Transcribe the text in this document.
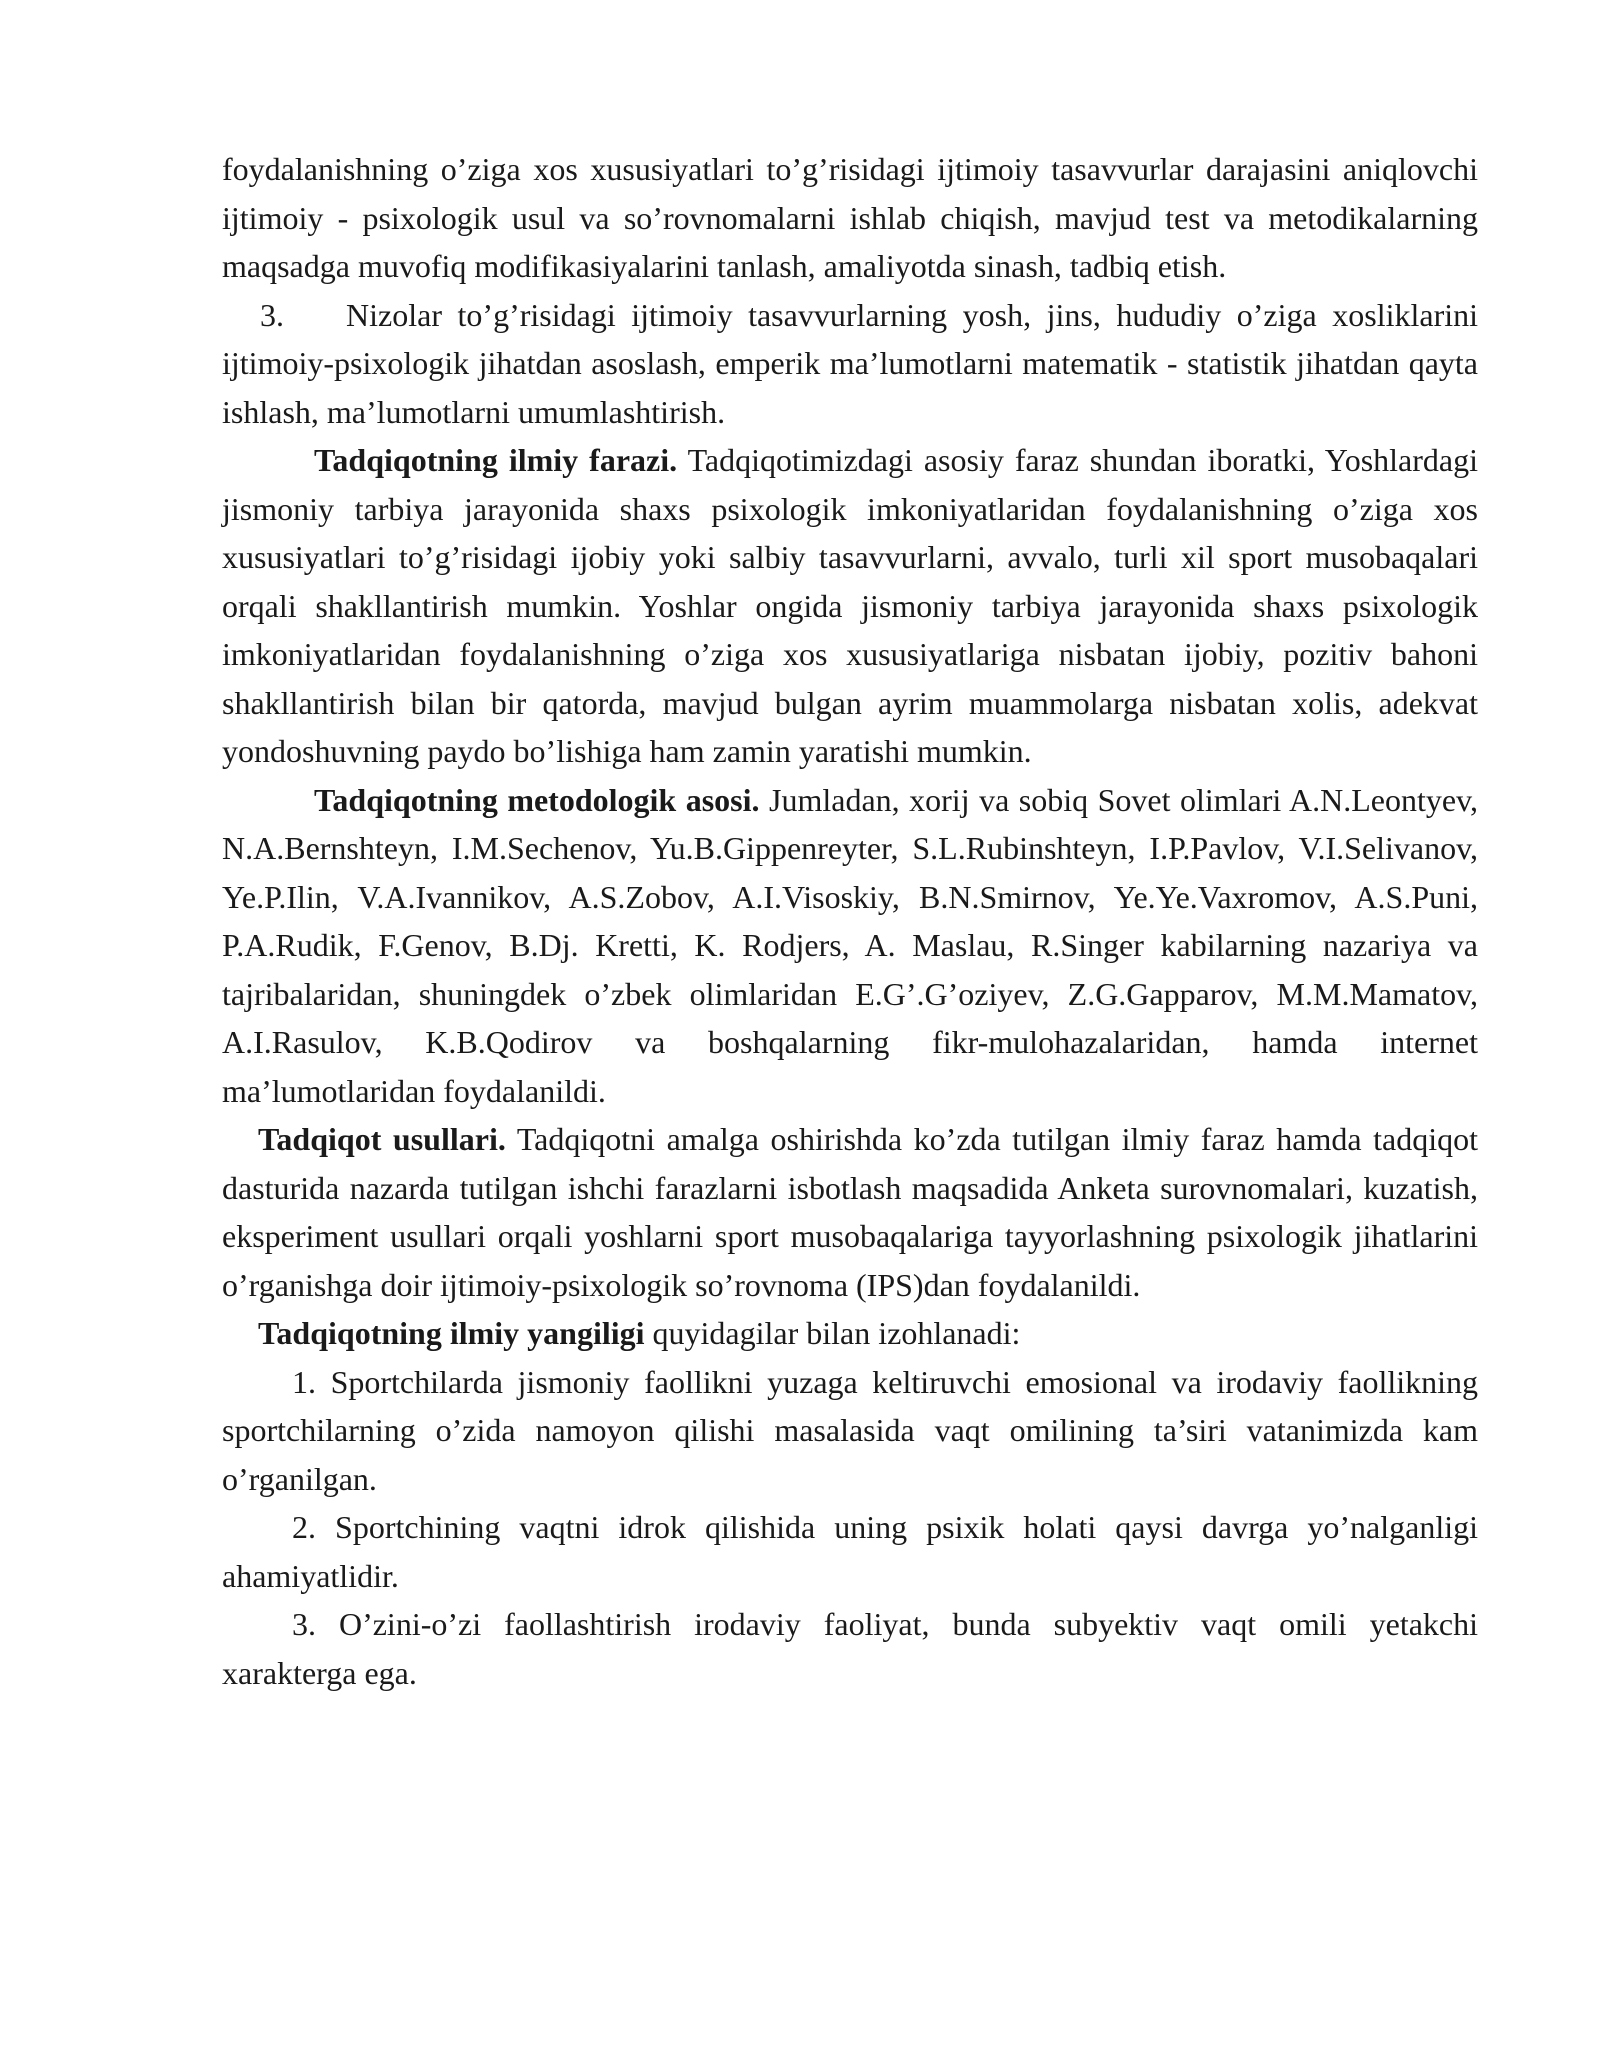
foydalanishning o’ziga xos xususiyatlari to’g’risidagi ijtimoiy tasavvurlar darajasini aniqlovchi ijtimoiy - psixologik usul va so’rovnomalarni ishlab chiqish, mavjud test va metodikalarning maqsadga muvofiq modifikasiyalarini tanlash, amaliyotda sinash, tadbiq etish.

3.    Nizolar to’g’risidagi ijtimoiy tasavvurlarning yosh, jins, hududiy o’ziga xosliklarini ijtimoiy-psixologik jihatdan asoslash, emperik ma’lumotlarni matematik - statistik jihatdan qayta ishlash, ma’lumotlarni umumlashtirish.

Tadqiqotning ilmiy farazi. Tadqiqotimizdagi asosiy faraz shundan iboratki, Yoshlardagi jismoniy tarbiya jarayonida shaxs psixologik imkoniyatlaridan foydalanishning o’ziga xos xususiyatlari to’g’risidagi ijobiy yoki salbiy tasavvurlarni, avvalo, turli xil sport musobaqalari orqali shakllantirish mumkin. Yoshlar ongida jismoniy tarbiya jarayonida shaxs psixologik imkoniyatlaridan foydalanishning o’ziga xos xususiyatlariga nisbatan ijobiy, pozitiv bahoni shakllantirish bilan bir qatorda, mavjud bulgan ayrim muammolarga nisbatan xolis, adekvat yondoshuvning paydo bo’lishiga ham zamin yaratishi mumkin.

Tadqiqotning metodologik asosi. Jumladan, xorij va sobiq Sovet olimlari A.N.Leontyev, N.A.Bernshteyn, I.M.Sechenov, Yu.B.Gippenreyter, S.L.Rubinshteyn, I.P.Pavlov, V.I.Selivanov, Ye.P.Ilin, V.A.Ivannikov, A.S.Zobov, A.I.Visoskiy, B.N.Smirnov, Ye.Ye.Vaxromov, A.S.Puni, P.A.Rudik, F.Genov, B.Dj. Kretti, K. Rodjers, A. Maslau, R.Singer kabilarning nazariya va tajribalaridan, shuningdek o’zbek olimlaridan E.G’.G’oziyev, Z.G.Gapparov, M.M.Mamatov, A.I.Rasulov, K.B.Qodirov va boshqalarning fikr-mulohazalaridan, hamda internet ma’lumotlaridan foydalanildi.

Tadqiqot usullari. Tadqiqotni amalga oshirishda ko’zda tutilgan ilmiy faraz hamda tadqiqot dasturida nazarda tutilgan ishchi farazlarni isbotlash maqsadida Anketa surovnomalari, kuzatish, eksperiment usullari orqali yoshlarni sport musobaqalariga tayyorlashning psixologik jihatlarini o’rganishga doir ijtimoiy-psixologik so’rovnoma (IPS)dan foydalanildi.

Tadqiqotning ilmiy yangiligi quyidagilar bilan izohlanadi:

1. Sportchilarda jismoniy faollikni yuzaga keltiruvchi emosional va irodaviy faollikning sportchilarning o’zida namoyon qilishi masalasida vaqt omilining ta’siri vatanimizda kam o’rganilgan.

2. Sportchining vaqtni idrok qilishida uning psixik holati qaysi davrga yo’nalganligi ahamiyatlidir.

3. O’zini-o’zi faollashtirish irodaviy faoliyat, bunda subyektiv vaqt omili yetakchi xarakterga ega.
